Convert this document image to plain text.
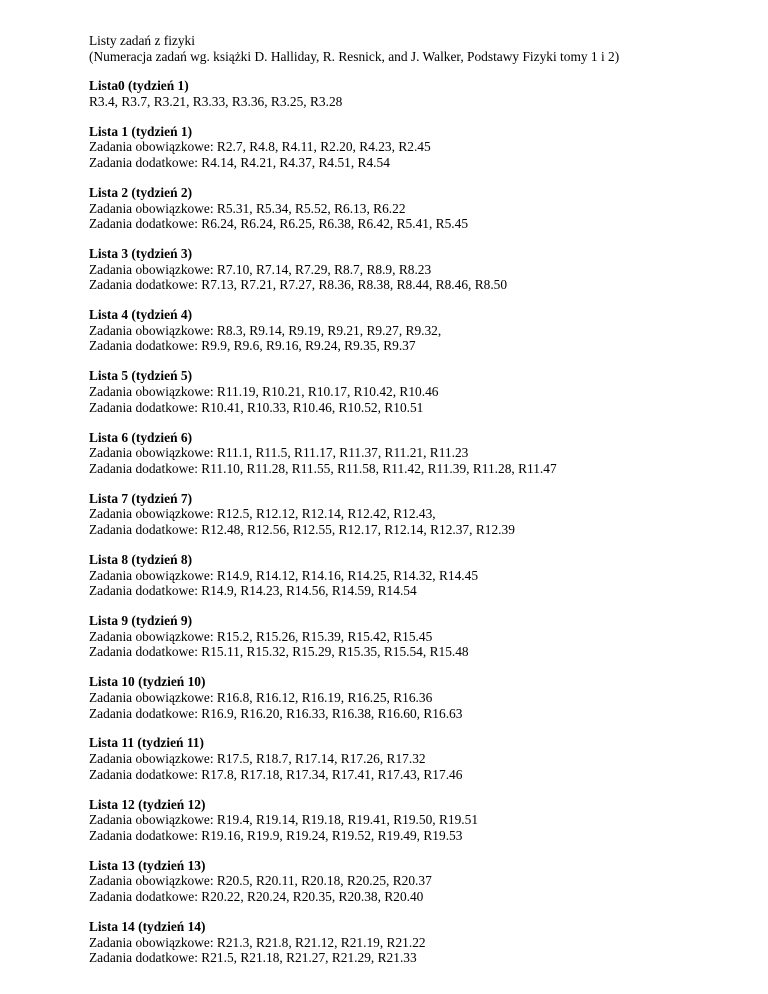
Listy zadań z fizyki
(Numeracja zadań wg. książki D. Halliday, R. Resnick, and J. Walker, Podstawy Fizyki tomy 1 i 2)
Lista0 (tydzień 1)
R3.4, R3.7, R3.21, R3.33, R3.36, R3.25, R3.28
Lista 1 (tydzień 1)
Zadania obowiązkowe: R2.7, R4.8, R4.11, R2.20, R4.23, R2.45
Zadania dodatkowe: R4.14, R4.21, R4.37, R4.51, R4.54
Lista 2 (tydzień 2)
Zadania obowiązkowe: R5.31, R5.34, R5.52, R6.13, R6.22
Zadania dodatkowe: R6.24, R6.24, R6.25, R6.38, R6.42, R5.41, R5.45
Lista 3 (tydzień 3)
Zadania obowiązkowe: R7.10, R7.14, R7.29, R8.7, R8.9, R8.23
Zadania dodatkowe: R7.13, R7.21, R7.27, R8.36, R8.38, R8.44, R8.46, R8.50
Lista 4 (tydzień 4)
Zadania obowiązkowe: R8.3, R9.14, R9.19, R9.21, R9.27, R9.32,
Zadania dodatkowe: R9.9, R9.6, R9.16, R9.24, R9.35, R9.37
Lista 5 (tydzień 5)
Zadania obowiązkowe: R11.19, R10.21, R10.17, R10.42, R10.46
Zadania dodatkowe: R10.41, R10.33, R10.46, R10.52, R10.51
Lista 6 (tydzień 6)
Zadania obowiązkowe: R11.1, R11.5, R11.17, R11.37, R11.21, R11.23
Zadania dodatkowe: R11.10, R11.28, R11.55, R11.58, R11.42, R11.39, R11.28, R11.47
Lista 7 (tydzień 7)
Zadania obowiązkowe: R12.5, R12.12, R12.14, R12.42, R12.43,
Zadania dodatkowe: R12.48, R12.56, R12.55, R12.17, R12.14, R12.37, R12.39
Lista 8 (tydzień 8)
Zadania obowiązkowe: R14.9, R14.12, R14.16, R14.25, R14.32, R14.45
Zadania dodatkowe: R14.9, R14.23, R14.56, R14.59, R14.54
Lista 9 (tydzień 9)
Zadania obowiązkowe: R15.2, R15.26, R15.39, R15.42, R15.45
Zadania dodatkowe: R15.11, R15.32, R15.29, R15.35, R15.54, R15.48
Lista 10 (tydzień 10)
Zadania obowiązkowe: R16.8, R16.12, R16.19, R16.25, R16.36
Zadania dodatkowe: R16.9, R16.20, R16.33, R16.38, R16.60, R16.63
Lista 11 (tydzień 11)
Zadania obowiązkowe: R17.5, R18.7, R17.14, R17.26, R17.32
Zadania dodatkowe: R17.8, R17.18, R17.34, R17.41, R17.43, R17.46
Lista 12 (tydzień 12)
Zadania obowiązkowe: R19.4, R19.14, R19.18, R19.41, R19.50, R19.51
Zadania dodatkowe: R19.16, R19.9, R19.24, R19.52, R19.49, R19.53
Lista 13 (tydzień 13)
Zadania obowiązkowe: R20.5, R20.11, R20.18, R20.25, R20.37
Zadania dodatkowe: R20.22, R20.24, R20.35, R20.38, R20.40
Lista 14 (tydzień 14)
Zadania obowiązkowe: R21.3, R21.8, R21.12, R21.19, R21.22
Zadania dodatkowe: R21.5, R21.18, R21.27, R21.29, R21.33
